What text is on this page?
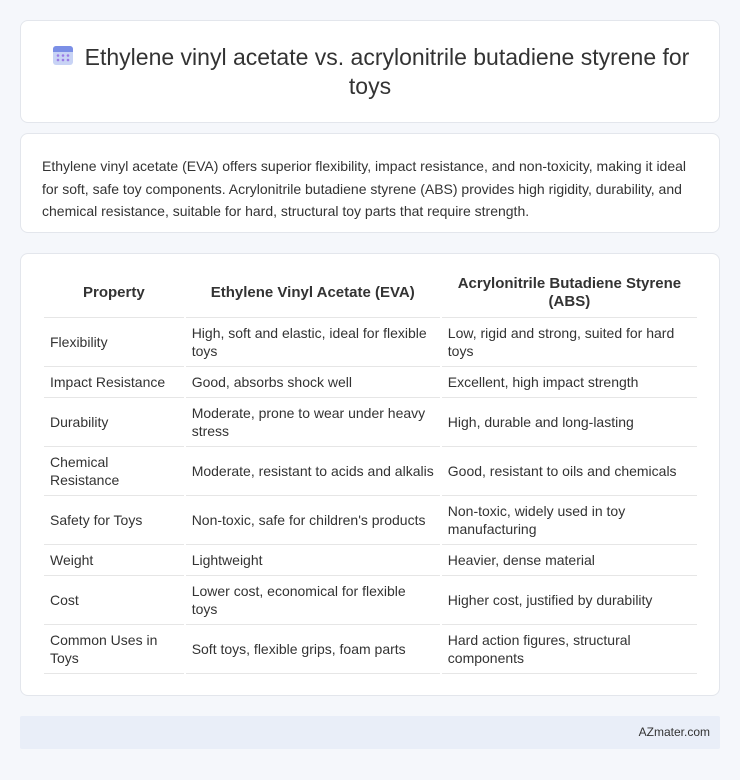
Ethylene vinyl acetate vs. acrylonitrile butadiene styrene for toys

Ethylene vinyl acetate (EVA) offers superior flexibility, impact resistance, and non-toxicity, making it ideal for soft, safe toy components. Acrylonitrile butadiene styrene (ABS) provides high rigidity, durability, and chemical resistance, suitable for hard, structural toy parts that require strength.

Property	Ethylene Vinyl Acetate (EVA)	Acrylonitrile Butadiene Styrene (ABS)
Flexibility	High, soft and elastic, ideal for flexible toys	Low, rigid and strong, suited for hard toys
Impact Resistance	Good, absorbs shock well	Excellent, high impact strength
Durability	Moderate, prone to wear under heavy stress	High, durable and long-lasting
Chemical Resistance	Moderate, resistant to acids and alkalis	Good, resistant to oils and chemicals
Safety for Toys	Non-toxic, safe for children's products	Non-toxic, widely used in toy manufacturing
Weight	Lightweight	Heavier, dense material
Cost	Lower cost, economical for flexible toys	Higher cost, justified by durability
Common Uses in Toys	Soft toys, flexible grips, foam parts	Hard action figures, structural components
AZmater.com
